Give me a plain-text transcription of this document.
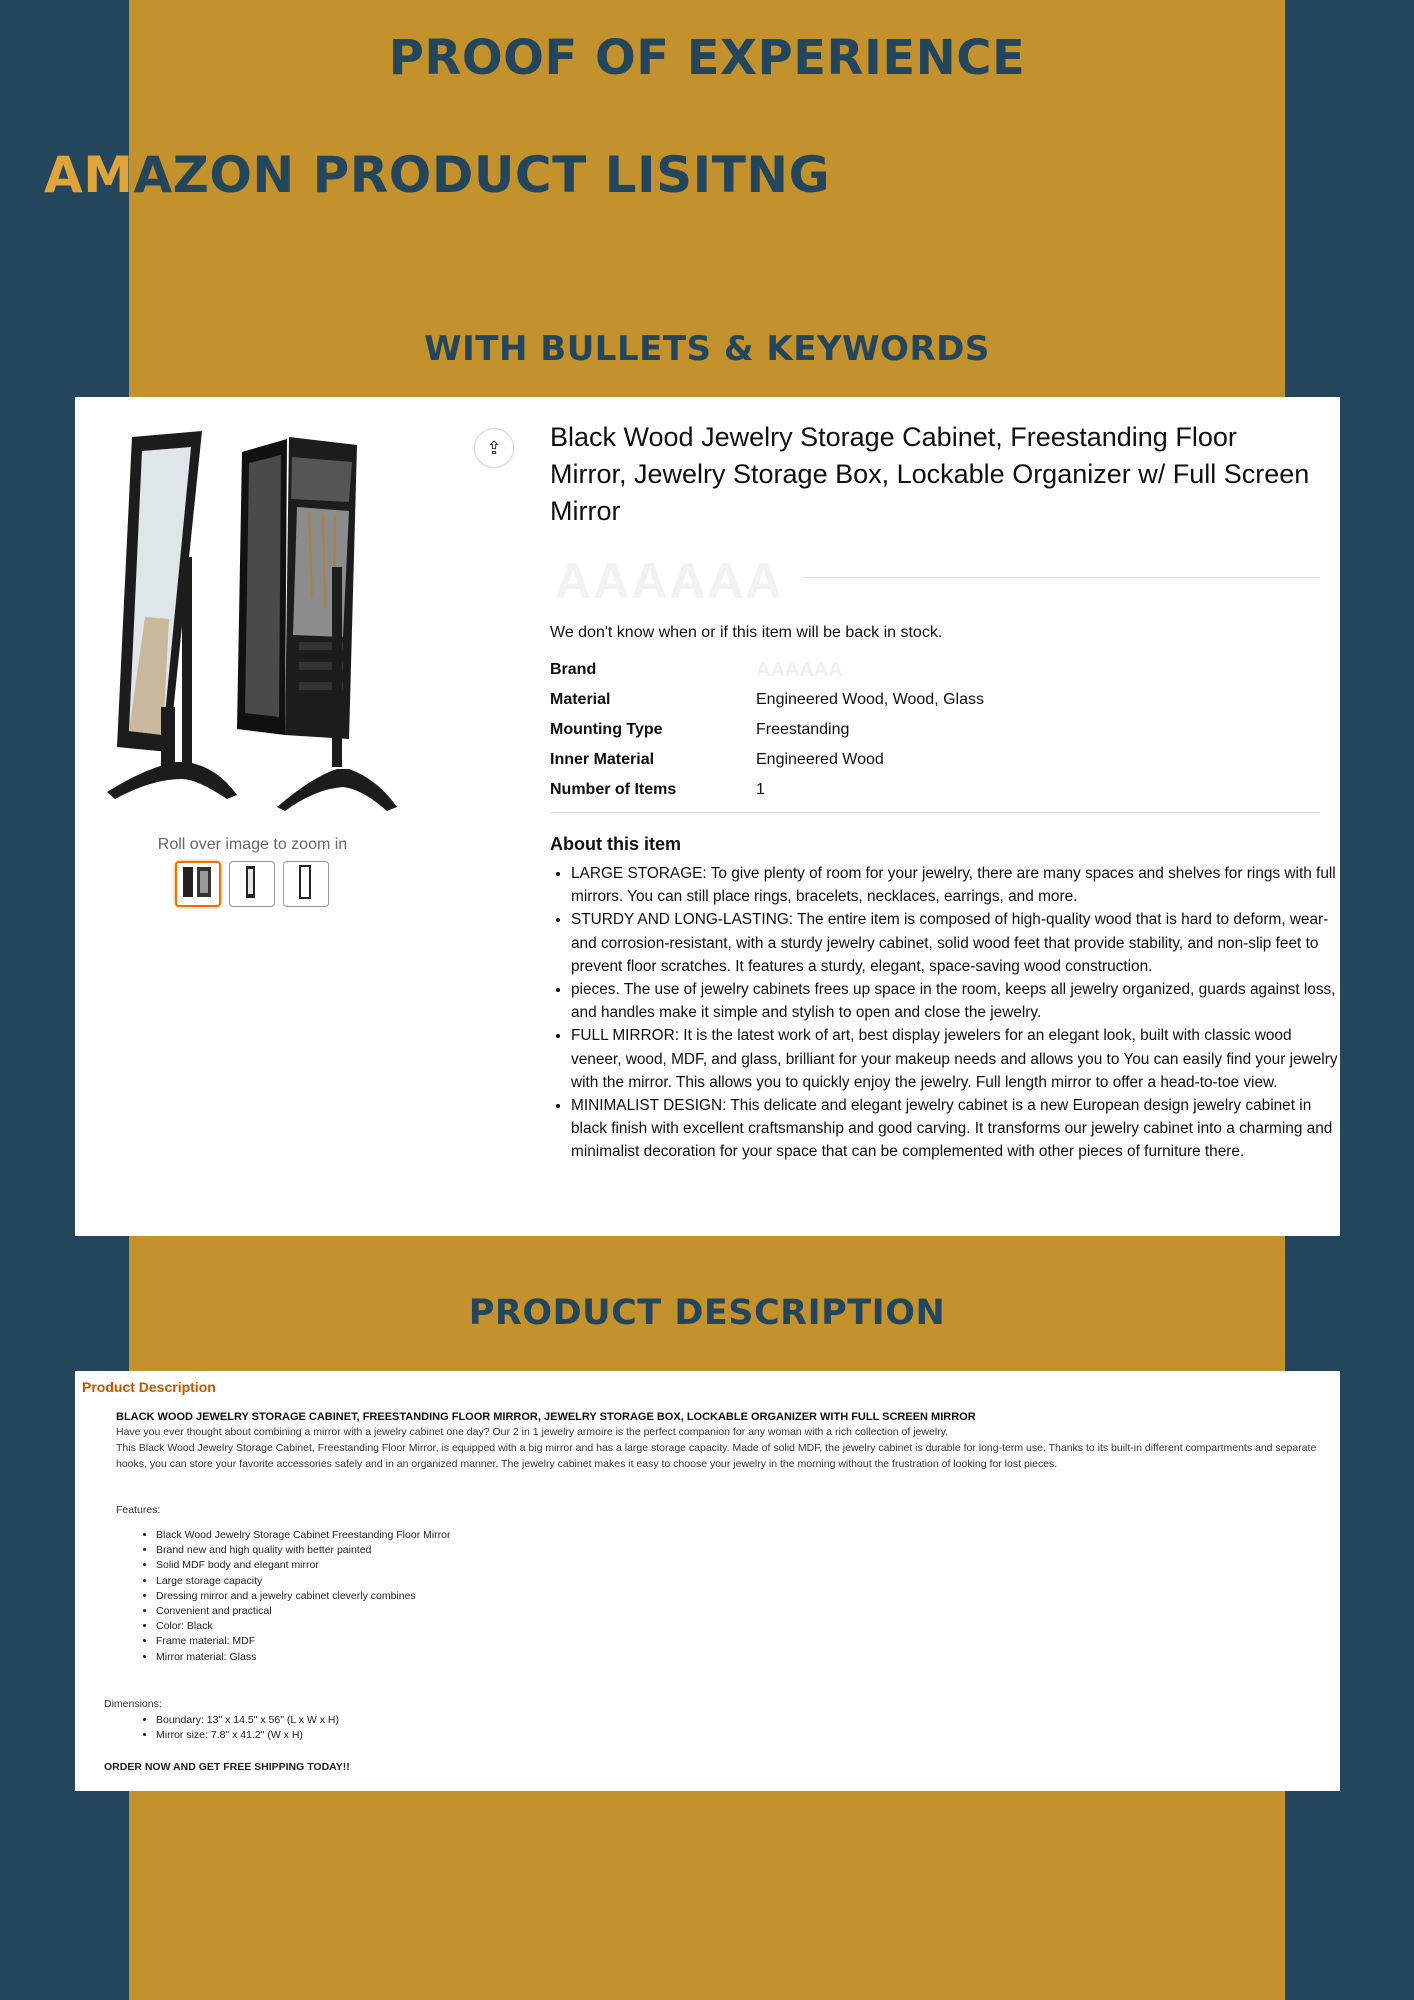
PROOF OF EXPERIENCE
AMAZON PRODUCT LISITNG
WITH BULLETS & KEYWORDS
⇪
Roll over image to zoom in
Black Wood Jewelry Storage Cabinet, Freestanding Floor Mirror, Jewelry Storage Box, Lockable Organizer w/ Full Screen Mirror
AAAAAA
We don't know when or if this item will be back in stock.
Brand	AAAAAA
Material	Engineered Wood, Wood, Glass
Mounting Type	Freestanding
Inner Material	Engineered Wood
Number of Items	1
About this item
• LARGE STORAGE: To give plenty of room for your jewelry, there are many spaces and shelves for rings with full mirrors. You can still place rings, bracelets, necklaces, earrings, and more.
• STURDY AND LONG-LASTING: The entire item is composed of high-quality wood that is hard to deform, wear- and corrosion-resistant, with a sturdy jewelry cabinet, solid wood feet that provide stability, and non-slip feet to prevent floor scratches. It features a sturdy, elegant, space-saving wood construction.
• pieces. The use of jewelry cabinets frees up space in the room, keeps all jewelry organized, guards against loss, and handles make it simple and stylish to open and close the jewelry.
• FULL MIRROR: It is the latest work of art, best display jewelers for an elegant look, built with classic wood veneer, wood, MDF, and glass, brilliant for your makeup needs and allows you to You can easily find your jewelry with the mirror. This allows you to quickly enjoy the jewelry. Full length mirror to offer a head-to-toe view.
• MINIMALIST DESIGN: This delicate and elegant jewelry cabinet is a new European design jewelry cabinet in black finish with excellent craftsmanship and good carving. It transforms our jewelry cabinet into a charming and minimalist decoration for your space that can be complemented with other pieces of furniture there.
PRODUCT DESCRIPTION
Product Description
BLACK WOOD JEWELRY STORAGE CABINET, FREESTANDING FLOOR MIRROR, JEWELRY STORAGE BOX, LOCKABLE ORGANIZER WITH FULL SCREEN MIRROR
Have you ever thought about combining a mirror with a jewelry cabinet one day? Our 2 in 1 jewelry armoire is the perfect companion for any woman with a rich collection of jewelry.
This Black Wood Jewelry Storage Cabinet, Freestanding Floor Mirror, is equipped with a big mirror and has a large storage capacity. Made of solid MDF, the jewelry cabinet is durable for long-term use. Thanks to its built-in different compartments and separate hooks, you can store your favorite accessories safely and in an organized manner. The jewelry cabinet makes it easy to choose your jewelry in the morning without the frustration of looking for lost pieces.
Features:
• Black Wood Jewelry Storage Cabinet Freestanding Floor Mirror
• Brand new and high quality with better painted
• Solid MDF body and elegant mirror
• Large storage capacity
• Dressing mirror and a jewelry cabinet cleverly combines
• Convenient and practical
• Color: Black
• Frame material: MDF
• Mirror material: Glass
Dimensions:
• Boundary: 13" x 14.5" x 56" (L x W x H)
• Mirror size: 7.8" x 41.2" (W x H)
ORDER NOW AND GET FREE SHIPPING TODAY!!
